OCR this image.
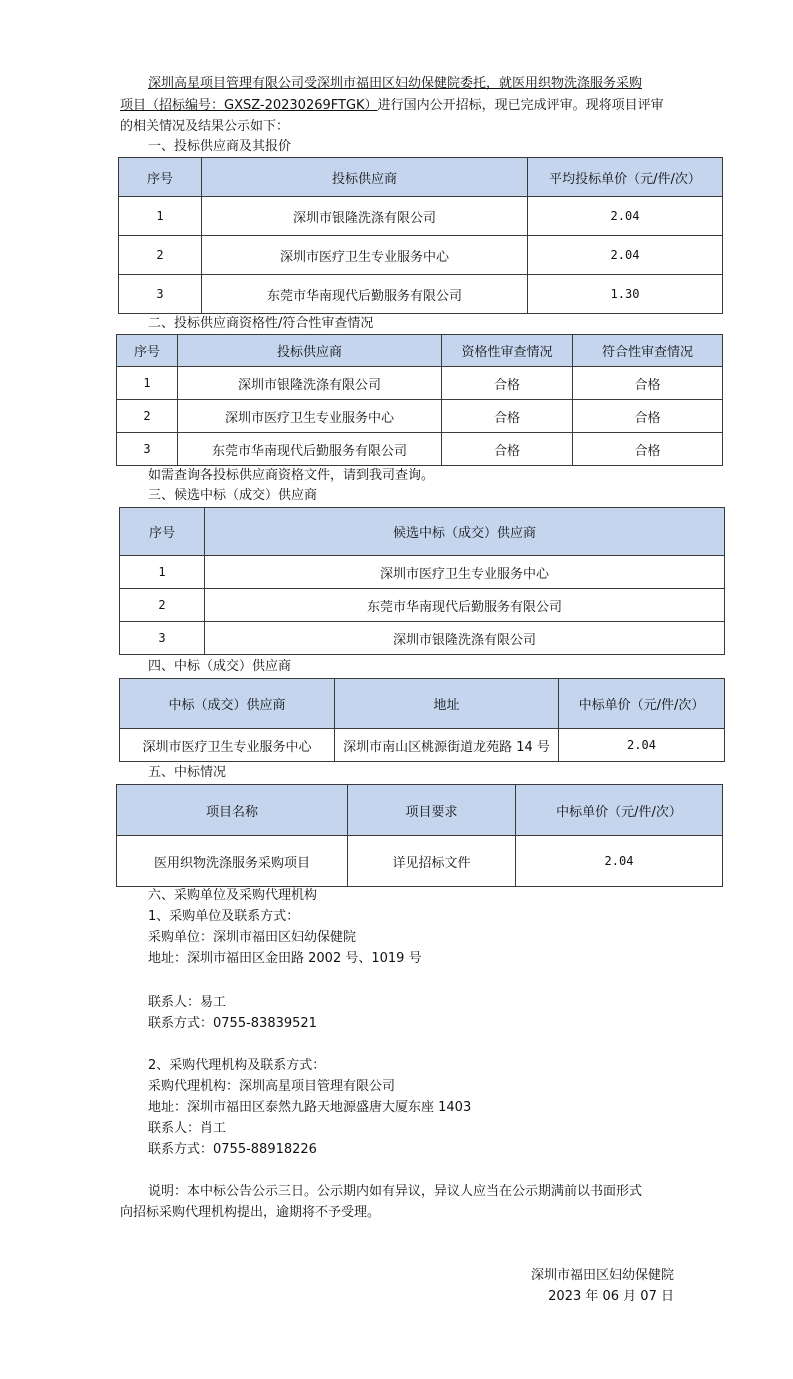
深圳高星项目管理有限公司受深圳市福田区妇幼保健院委托，就医用织物洗涤服务采购
项目（招标编号：GXSZ-20230269FTGK）进行国内公开招标，现已完成评审。现将项目评审
的相关情况及结果公示如下：
一、投标供应商及其报价
序号	投标供应商	平均投标单价（元/件/次）
1	深圳市银隆洗涤有限公司	2.04
2	深圳市医疗卫生专业服务中心	2.04
3	东莞市华南现代后勤服务有限公司	1.30
二、投标供应商资格性/符合性审查情况
序号	投标供应商	资格性审查情况	符合性审查情况
1	深圳市银隆洗涤有限公司	合格	合格
2	深圳市医疗卫生专业服务中心	合格	合格
3	东莞市华南现代后勤服务有限公司	合格	合格
如需查询各投标供应商资格文件，请到我司查询。
三、候选中标（成交）供应商
序号	候选中标（成交）供应商
1	深圳市医疗卫生专业服务中心
2	东莞市华南现代后勤服务有限公司
3	深圳市银隆洗涤有限公司
四、中标（成交）供应商
中标（成交）供应商	地址	中标单价（元/件/次）
深圳市医疗卫生专业服务中心	深圳市南山区桃源街道龙苑路 14 号	2.04
五、中标情况
项目名称	项目要求	中标单价（元/件/次）
医用织物洗涤服务采购项目	详见招标文件	2.04
六、采购单位及采购代理机构
1、采购单位及联系方式：
采购单位：深圳市福田区妇幼保健院
地址：深圳市福田区金田路 2002 号、1019 号
联系人：易工
联系方式：0755-83839521
2、采购代理机构及联系方式：
采购代理机构：深圳高星项目管理有限公司
地址：深圳市福田区泰然九路天地源盛唐大厦东座 1403
联系人：肖工
联系方式：0755-88918226
说明：本中标公告公示三日。公示期内如有异议，异议人应当在公示期满前以书面形式
向招标采购代理机构提出，逾期将不予受理。
深圳市福田区妇幼保健院
2023 年 06 月 07 日
